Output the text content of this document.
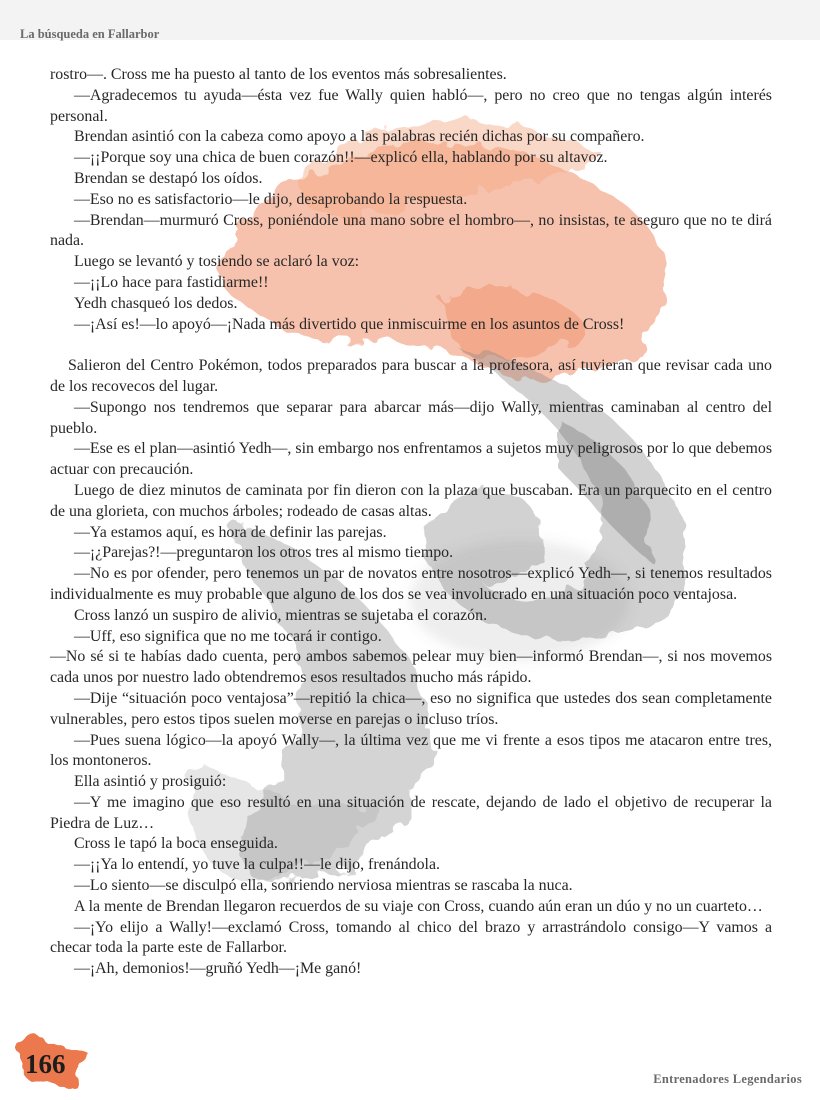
La búsqueda en Fallarbor

rostro—. Cross me ha puesto al tanto de los eventos más sobresalientes.

—Agradecemos tu ayuda—ésta vez fue Wally quien habló—, pero no creo que no tengas algún interés personal.

Brendan asintió con la cabeza como apoyo a las palabras recién dichas por su compañero.

—¡¡Porque soy una chica de buen corazón!!—explicó ella, hablando por su altavoz.

Brendan se destapó los oídos.

—Eso no es satisfactorio—le dijo, desaprobando la respuesta.

—Brendan—murmuró Cross, poniéndole una mano sobre el hombro—, no insistas, te aseguro que no te dirá nada.

Luego se levantó y tosiendo se aclaró la voz:

—¡¡Lo hace para fastidiarme!!

Yedh chasqueó los dedos.

—¡Así es!—lo apoyó—¡Nada más divertido que inmiscuirme en los asuntos de Cross!

Salieron del Centro Pokémon, todos preparados para buscar a la profesora, así tuvieran que revisar cada uno de los recovecos del lugar.

—Supongo nos tendremos que separar para abarcar más—dijo Wally, mientras caminaban al centro del pueblo.

—Ese es el plan—asintió Yedh—, sin embargo nos enfrentamos a sujetos muy peligrosos por lo que debemos actuar con precaución.

Luego de diez minutos de caminata por fin dieron con la plaza que buscaban. Era un parquecito en el centro de una glorieta, con muchos árboles; rodeado de casas altas.

—Ya estamos aquí, es hora de definir las parejas.

—¡¿Parejas?!—preguntaron los otros tres al mismo tiempo.

—No es por ofender, pero tenemos un par de novatos entre nosotros—explicó Yedh—, si tenemos resultados individualmente es muy probable que alguno de los dos se vea involucrado en una situación poco ventajosa.

Cross lanzó un suspiro de alivio, mientras se sujetaba el corazón.

—Uff, eso significa que no me tocará ir contigo.

—No sé si te habías dado cuenta, pero ambos sabemos pelear muy bien—informó Brendan—, si nos movemos cada unos por nuestro lado obtendremos esos resultados mucho más rápido.

—Dije “situación poco ventajosa”—repitió la chica—, eso no significa que ustedes dos sean completamente vulnerables, pero estos tipos suelen moverse en parejas o incluso tríos.

—Pues suena lógico—la apoyó Wally—, la última vez que me vi frente a esos tipos me atacaron entre tres, los montoneros.

Ella asintió y prosiguió:

—Y me imagino que eso resultó en una situación de rescate, dejando de lado el objetivo de recuperar la Piedra de Luz…

Cross le tapó la boca enseguida.

—¡¡Ya lo entendí, yo tuve la culpa!!—le dijo, frenándola.

—Lo siento—se disculpó ella, sonriendo nerviosa mientras se rascaba la nuca.

A la mente de Brendan llegaron recuerdos de su viaje con Cross, cuando aún eran un dúo y no un cuarteto…

—¡Yo elijo a Wally!—exclamó Cross, tomando al chico del brazo y arrastrándolo consigo—Y vamos a checar toda la parte este de Fallarbor.

—¡Ah, demonios!—gruñó Yedh—¡Me ganó!

166	Entrenadores Legendarios
